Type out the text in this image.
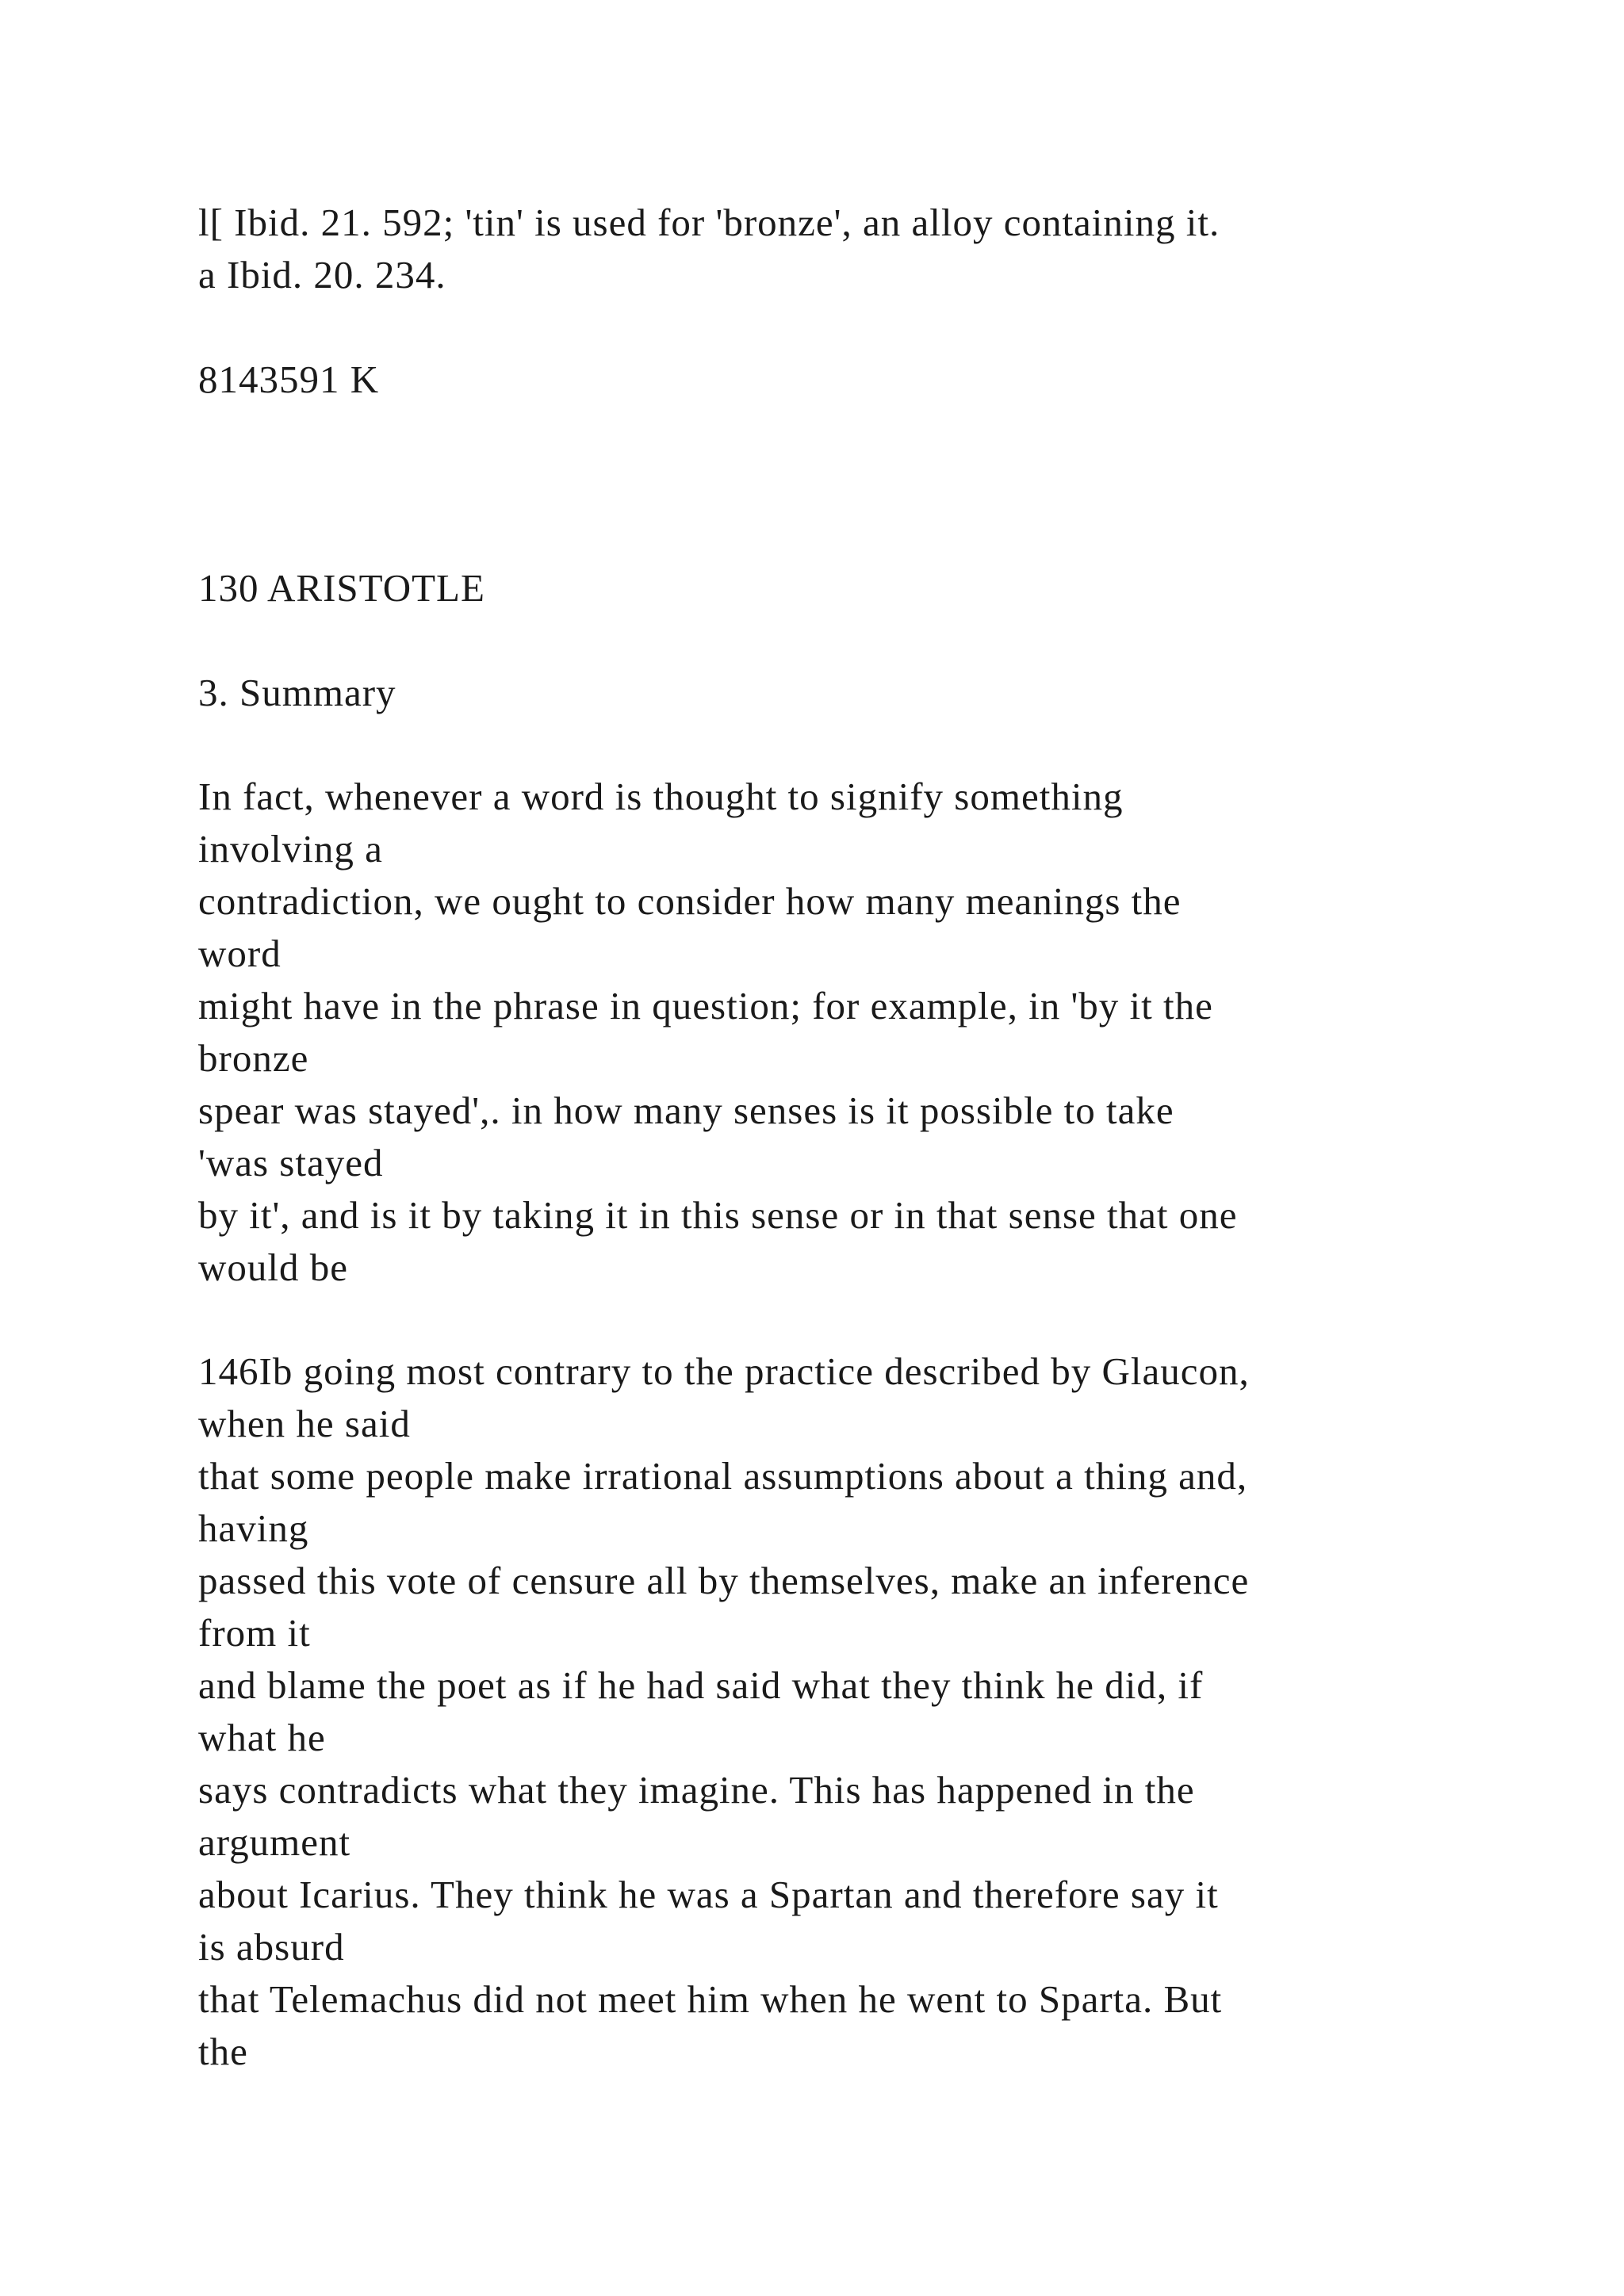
l[ Ibid. 21. 592; 'tin' is used for 'bronze', an alloy containing it.
a Ibid. 20. 234.
8143591 K
130 ARISTOTLE
3. Summary
In fact, whenever a word is thought to signify something
involving a
contradiction, we ought to consider how many meanings the
word
might have in the phrase in question; for example, in 'by it the
bronze
spear was stayed',. in how many senses is it possible to take
'was stayed
by it', and is it by taking it in this sense or in that sense that one
would be
146Ib going most contrary to the practice described by Glaucon,
when he said
that some people make irrational assumptions about a thing and,
having
passed this vote of censure all by themselves, make an inference
from it
and blame the poet as if he had said what they think he did, if
what he
says contradicts what they imagine. This has happened in the
argument
about Icarius. They think he was a Spartan and therefore say it
is absurd
that Telemachus did not meet him when he went to Sparta. But
the
